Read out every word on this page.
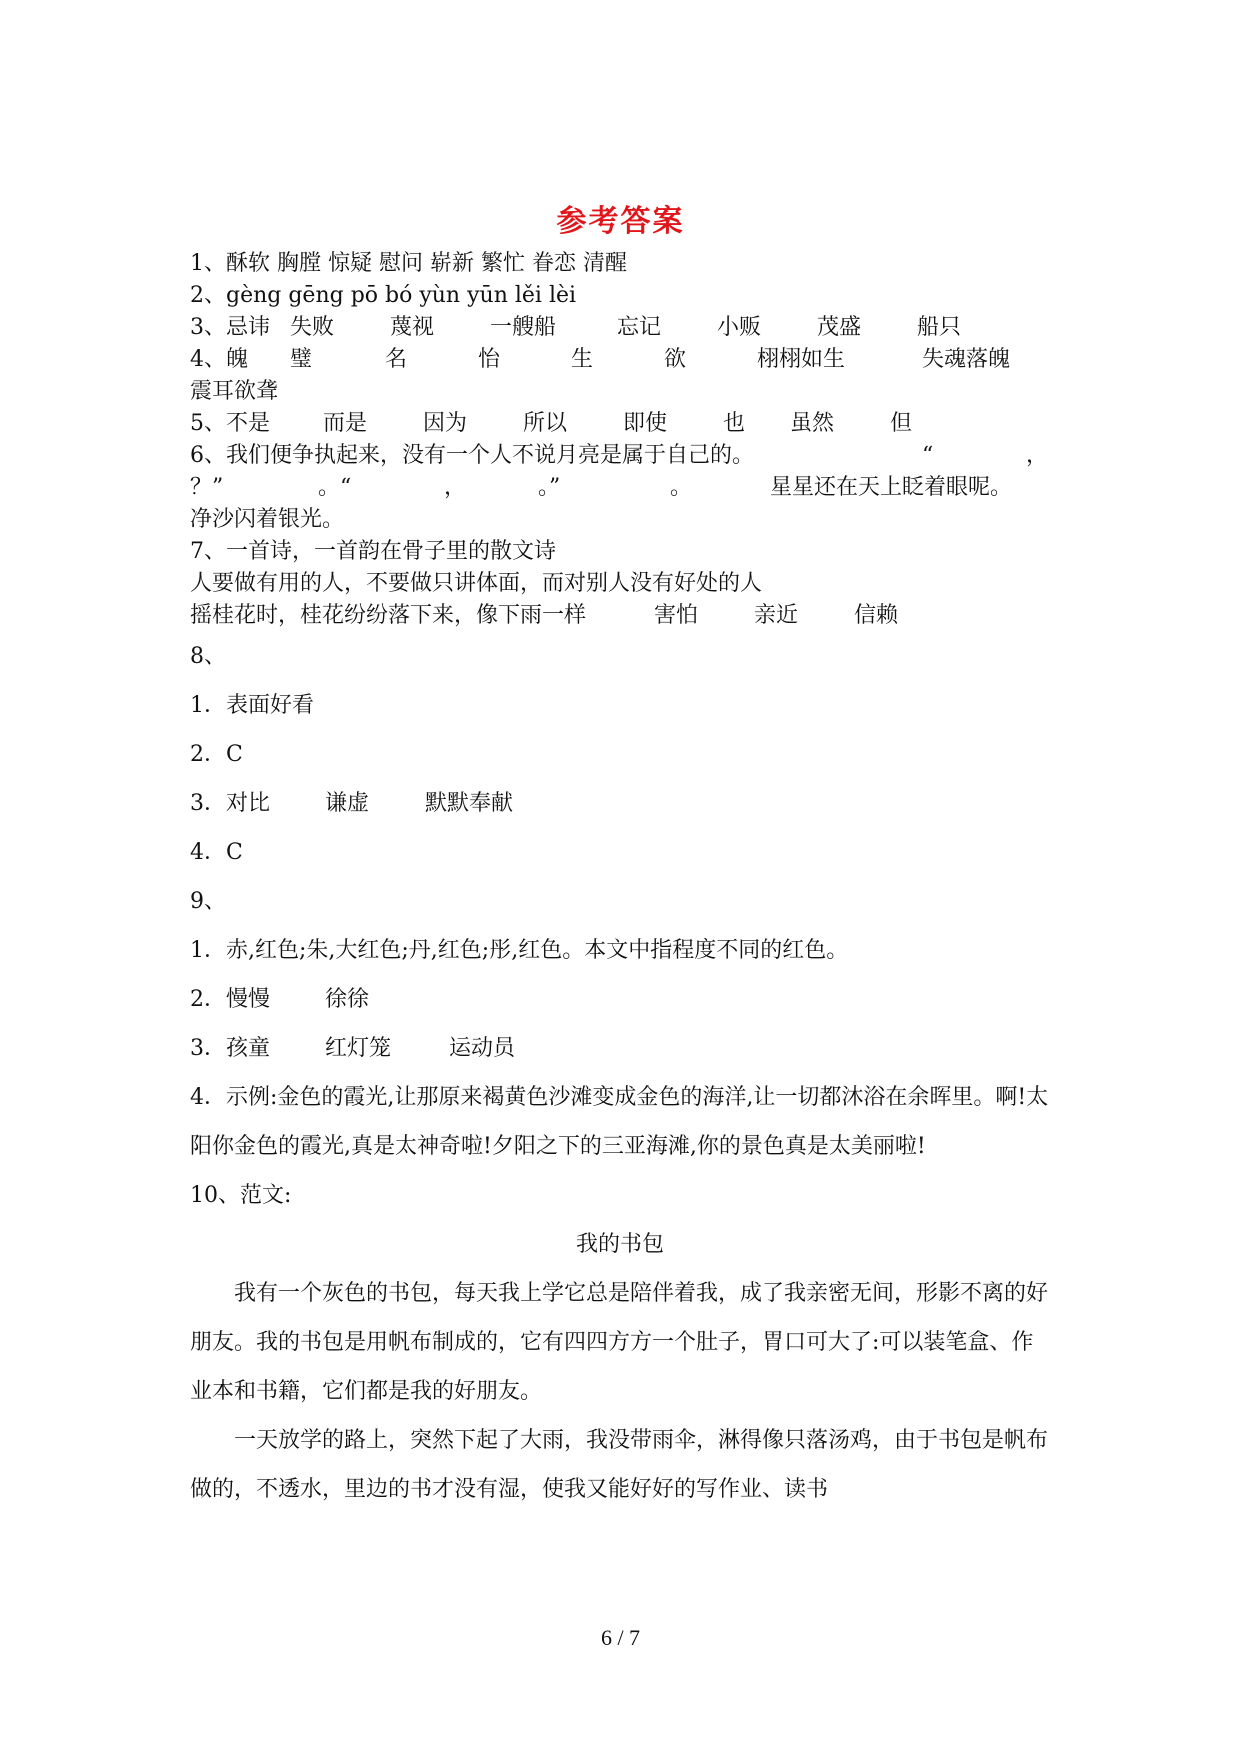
参考答案
1、酥软 胸膛 惊疑 慰问 崭新 繁忙 眷恋 清醒
2、gèng gēng pō bó yùn yūn lěi lèi
3、忌讳 失败	蔑视	一艘船	忘记	小贩	茂盛	船只
4、魄	璧	名	怡	生	欲	栩栩如生	失魂落魄
震耳欲聋
5、不是	而是	因为	所以	即使	也	虽然	但
6、我们便争执起来，没有一个人不说月亮是属于自己的。	“	，
？”	。“	，	。”	。	星星还在天上眨着眼呢。
净沙闪着银光。
7、一首诗，一首韵在骨子里的散文诗
人要做有用的人，不要做只讲体面，而对别人没有好处的人
摇桂花时，桂花纷纷落下来，像下雨一样	害怕	亲近	信赖
8、
1．表面好看
2．C
3．对比	谦虚	默默奉献
4．C
9、
1．赤,红色;朱,大红色;丹,红色;彤,红色。本文中指程度不同的红色。
2．慢慢	徐徐
3．孩童	红灯笼	运动员
4．示例:金色的霞光,让那原来褐黄色沙滩变成金色的海洋,让一切都沐浴在余晖里。啊!太阳你金色的霞光,真是太神奇啦!夕阳之下的三亚海滩,你的景色真是太美丽啦!
10、范文:
我的书包
我有一个灰色的书包，每天我上学它总是陪伴着我，成了我亲密无间，形影不离的好朋友。我的书包是用帆布制成的，它有四四方方一个肚子，胃口可大了:可以装笔盒、作业本和书籍，它们都是我的好朋友。
一天放学的路上，突然下起了大雨，我没带雨伞，淋得像只落汤鸡，由于书包是帆布做的，不透水，里边的书才没有湿，使我又能好好的写作业、读书
6 / 7
